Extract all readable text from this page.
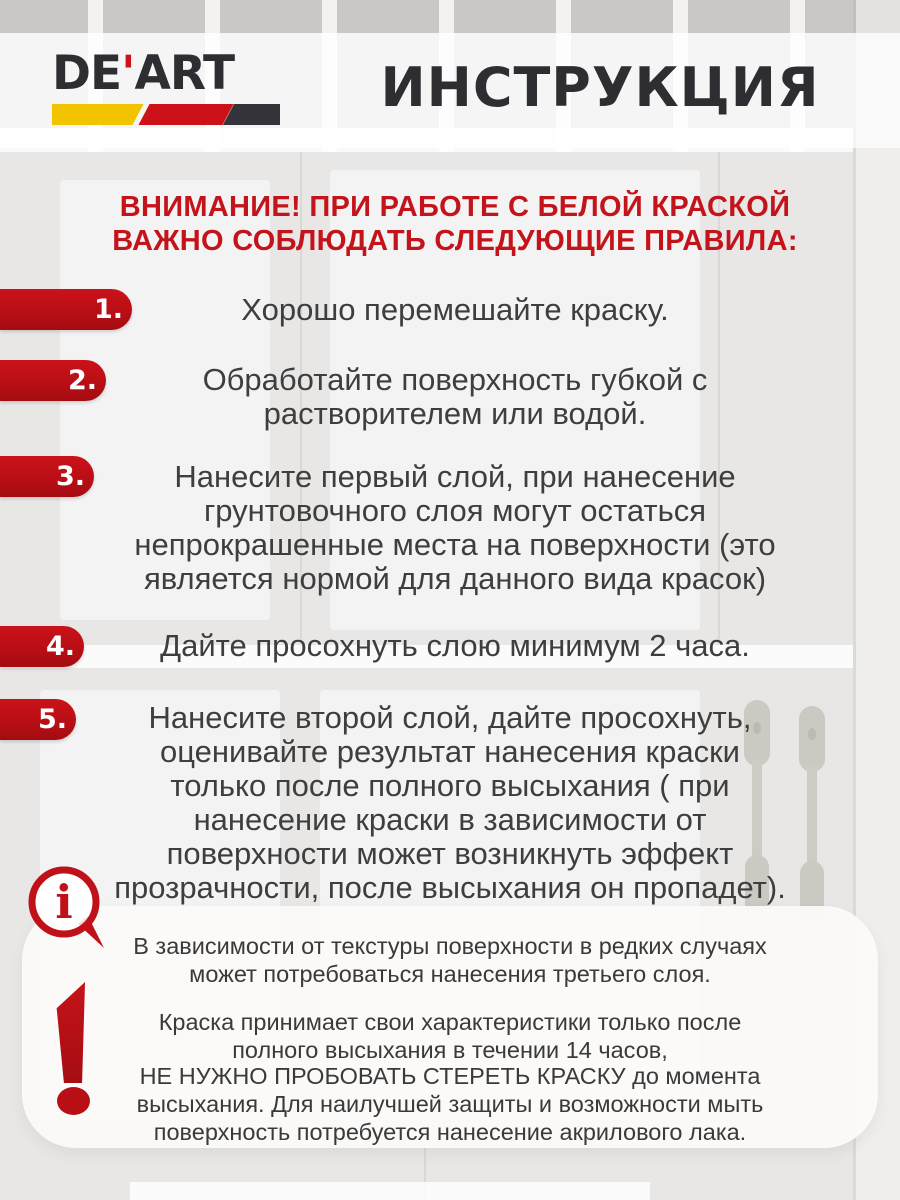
DE'ART	ИНСТРУКЦИЯ
ВНИМАНИЕ! ПРИ РАБОТЕ С БЕЛОЙ КРАСКОЙ
ВАЖНО СОБЛЮДАТЬ СЛЕДУЮЩИЕ ПРАВИЛА:
1.	Хорошо перемешайте краску.
2.	Обработайте поверхность губкой с растворителем или водой.
3.	Нанесите первый слой, при нанесение грунтовочного слоя могут остаться непрокрашенные места на поверхности (это является нормой для данного вида красок)
4.	Дайте просохнуть слою минимум 2 часа.
5.	Нанесите второй слой, дайте просохнуть, оценивайте результат нанесения краски только после полного высыхания ( при нанесение краски в зависимости от поверхности может возникнуть эффект прозрачности, после высыхания он пропадет).
В зависимости от текстуры поверхности в редких случаях может потребоваться нанесения третьего слоя.
Краска принимает свои характеристики только после полного высыхания в течении 14 часов,
НЕ НУЖНО ПРОБОВАТЬ СТЕРЕТЬ КРАСКУ до момента высыхания. Для наилучшей защиты и возможности мыть поверхность потребуется нанесение акрилового лака.
i
